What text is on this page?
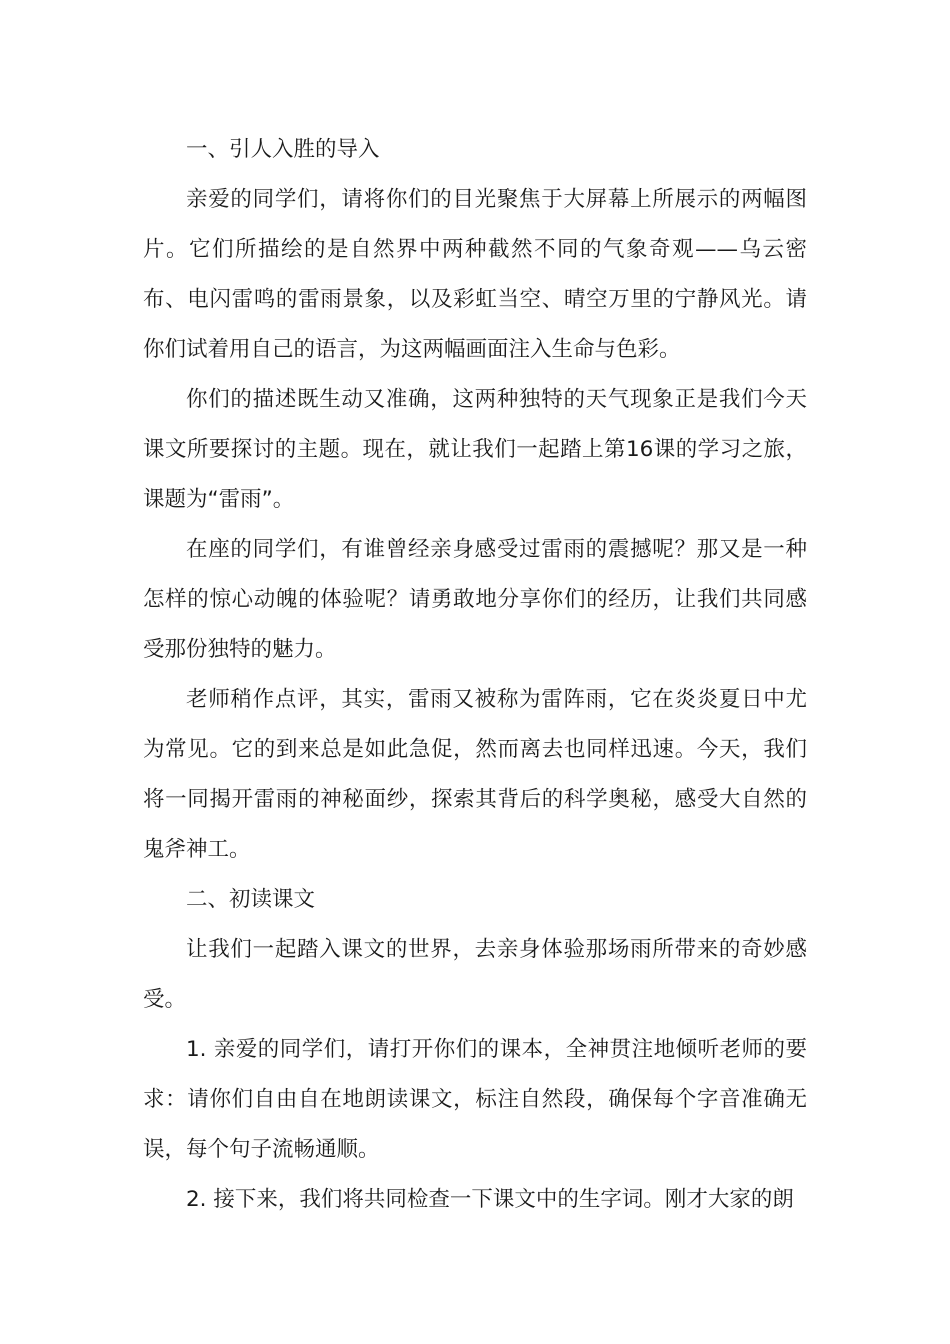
一、引人入胜的导入

亲爱的同学们，请将你们的目光聚焦于大屏幕上所展示的两幅图片。它们所描绘的是自然界中两种截然不同的气象奇观——乌云密布、电闪雷鸣的雷雨景象，以及彩虹当空、晴空万里的宁静风光。请你们试着用自己的语言，为这两幅画面注入生命与色彩。

你们的描述既生动又准确，这两种独特的天气现象正是我们今天课文所要探讨的主题。现在，就让我们一起踏上第16课的学习之旅，课题为“雷雨”。

在座的同学们，有谁曾经亲身感受过雷雨的震撼呢？那又是一种怎样的惊心动魄的体验呢？请勇敢地分享你们的经历，让我们共同感受那份独特的魅力。

老师稍作点评，其实，雷雨又被称为雷阵雨，它在炎炎夏日中尤为常见。它的到来总是如此急促，然而离去也同样迅速。今天，我们将一同揭开雷雨的神秘面纱，探索其背后的科学奥秘，感受大自然的鬼斧神工。

二、初读课文

让我们一起踏入课文的世界，去亲身体验那场雨所带来的奇妙感受。

1. 亲爱的同学们，请打开你们的课本，全神贯注地倾听老师的要求：请你们自由自在地朗读课文，标注自然段，确保每个字音准确无误，每个句子流畅通顺。

2. 接下来，我们将共同检查一下课文中的生字词。刚才大家的朗
